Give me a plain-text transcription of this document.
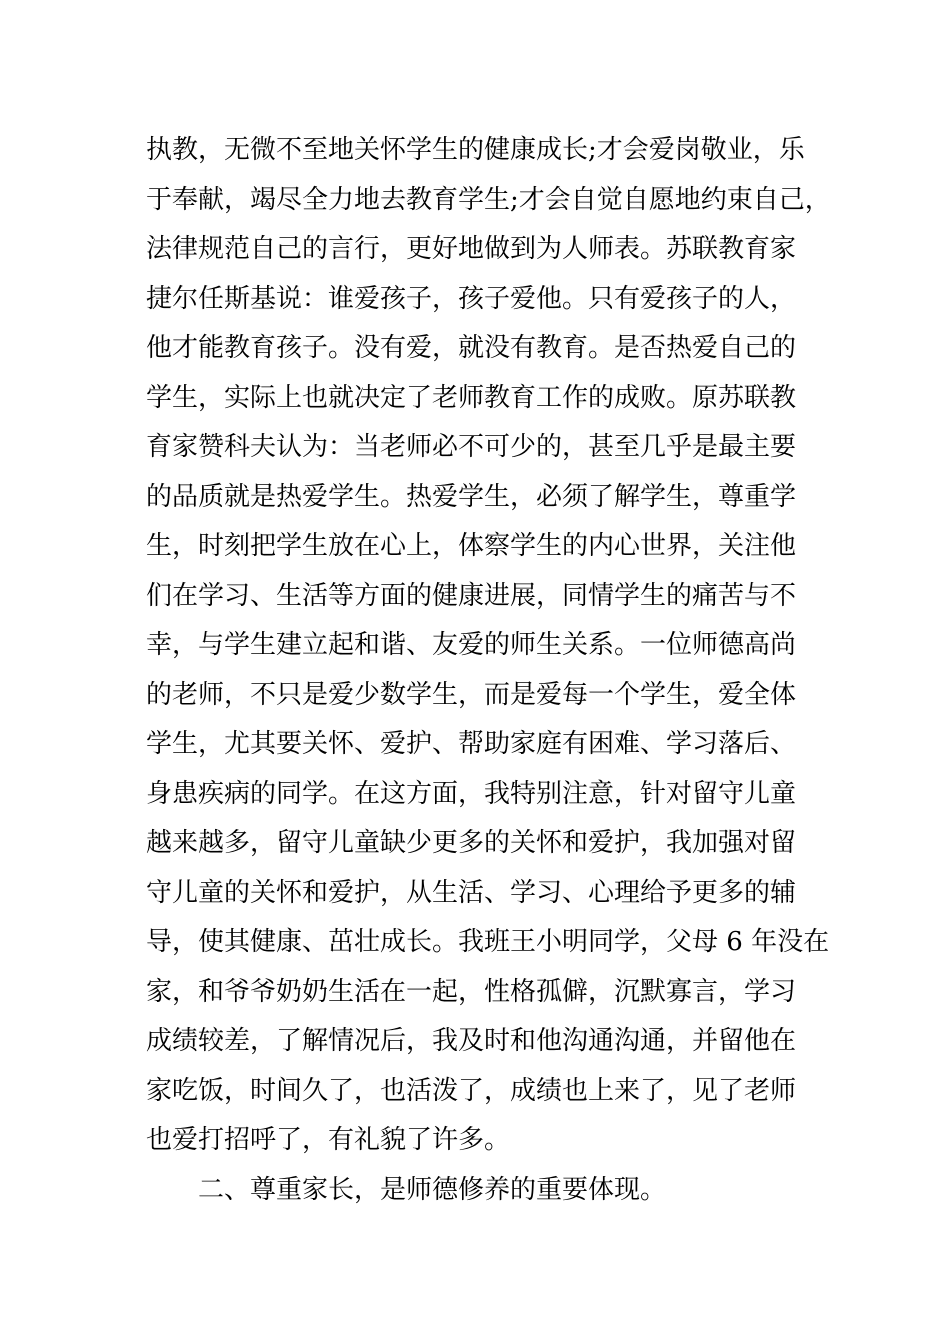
执教，无微不至地关怀学生的健康成长;才会爱岗敬业，乐
于奉献，竭尽全力地去教育学生;才会自觉自愿地约束自己，
法律规范自己的言行，更好地做到为人师表。苏联教育家
捷尔任斯基说：谁爱孩子，孩子爱他。只有爱孩子的人，
他才能教育孩子。没有爱，就没有教育。是否热爱自己的
学生，实际上也就决定了老师教育工作的成败。原苏联教
育家赞科夫认为：当老师必不可少的，甚至几乎是最主要
的品质就是热爱学生。热爱学生，必须了解学生，尊重学
生，时刻把学生放在心上，体察学生的内心世界，关注他
们在学习、生活等方面的健康进展，同情学生的痛苦与不
幸，与学生建立起和谐、友爱的师生关系。一位师德高尚
的老师，不只是爱少数学生，而是爱每一个学生，爱全体
学生，尤其要关怀、爱护、帮助家庭有困难、学习落后、
身患疾病的同学。在这方面，我特别注意，针对留守儿童
越来越多，留守儿童缺少更多的关怀和爱护，我加强对留
守儿童的关怀和爱护，从生活、学习、心理给予更多的辅
导，使其健康、茁壮成长。我班王小明同学，父母 6 年没在
家，和爷爷奶奶生活在一起，性格孤僻，沉默寡言，学习
成绩较差，了解情况后，我及时和他沟通沟通，并留他在
家吃饭，时间久了，也活泼了，成绩也上来了，见了老师
也爱打招呼了，有礼貌了许多。
二、尊重家长，是师德修养的重要体现。
